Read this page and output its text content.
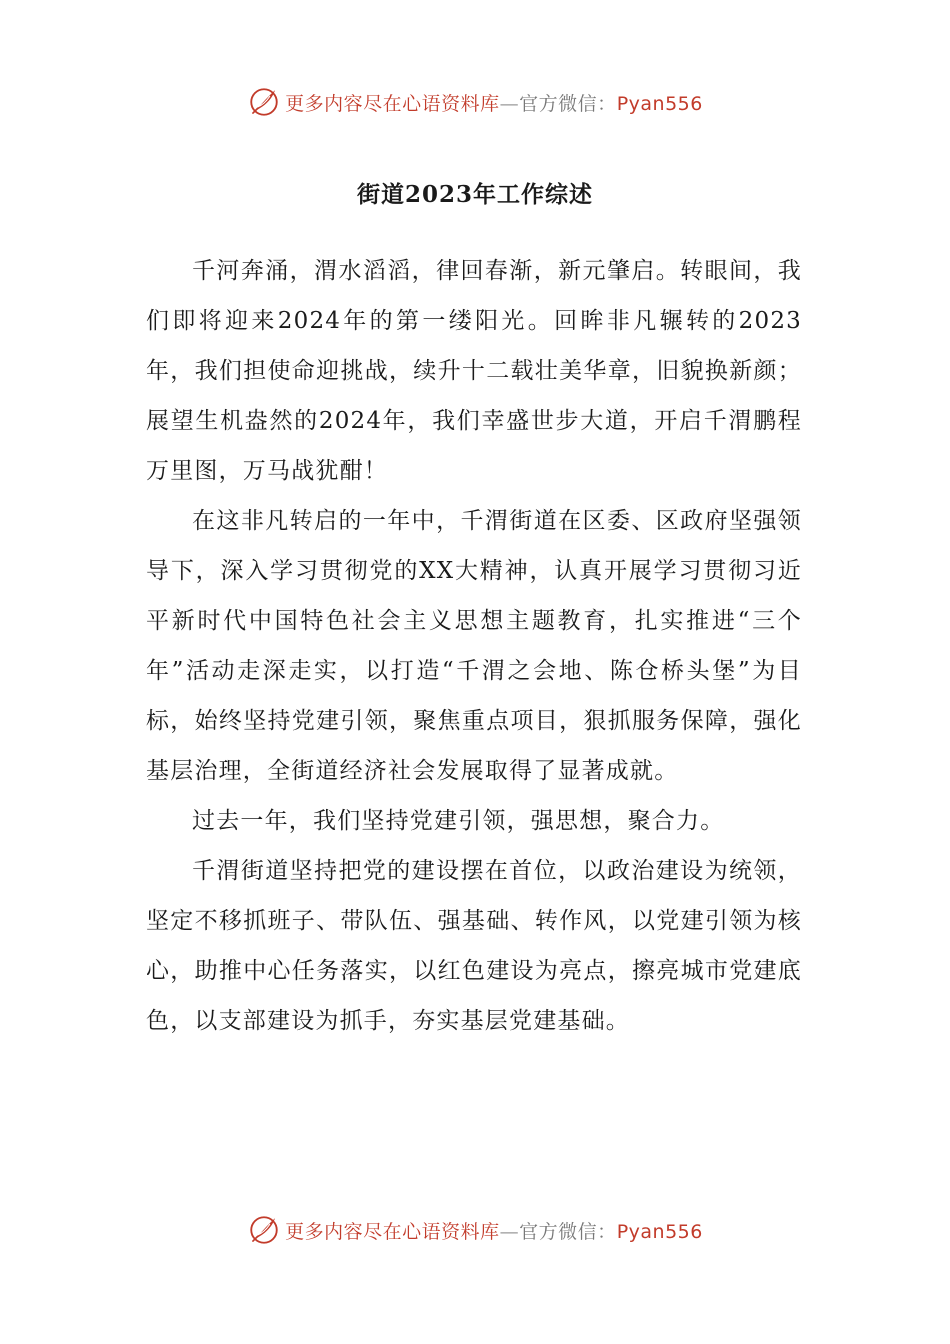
更多内容尽在心语资料库—官方微信：Pyan556
街道2023年工作综述

千河奔涌，渭水滔滔，律回春渐，新元肇启。转眼间，我们即将迎来2024年的第一缕阳光。回眸非凡辗转的2023年，我们担使命迎挑战，续升十二载壮美华章，旧貌换新颜；展望生机盎然的2024年，我们幸盛世步大道，开启千渭鹏程万里图，万马战犹酣！

在这非凡转启的一年中，千渭街道在区委、区政府坚强领导下，深入学习贯彻党的XX大精神，认真开展学习贯彻习近平新时代中国特色社会主义思想主题教育，扎实推进“三个年”活动走深走实，以打造“千渭之会地、陈仓桥头堡”为目标，始终坚持党建引领，聚焦重点项目，狠抓服务保障，强化基层治理，全街道经济社会发展取得了显著成就。

过去一年，我们坚持党建引领，强思想，聚合力。

千渭街道坚持把党的建设摆在首位，以政治建设为统领，坚定不移抓班子、带队伍、强基础、转作风，以党建引领为核心，助推中心任务落实，以红色建设为亮点，擦亮城市党建底色，以支部建设为抓手，夯实基层党建基础。

更多内容尽在心语资料库—官方微信：Pyan556
